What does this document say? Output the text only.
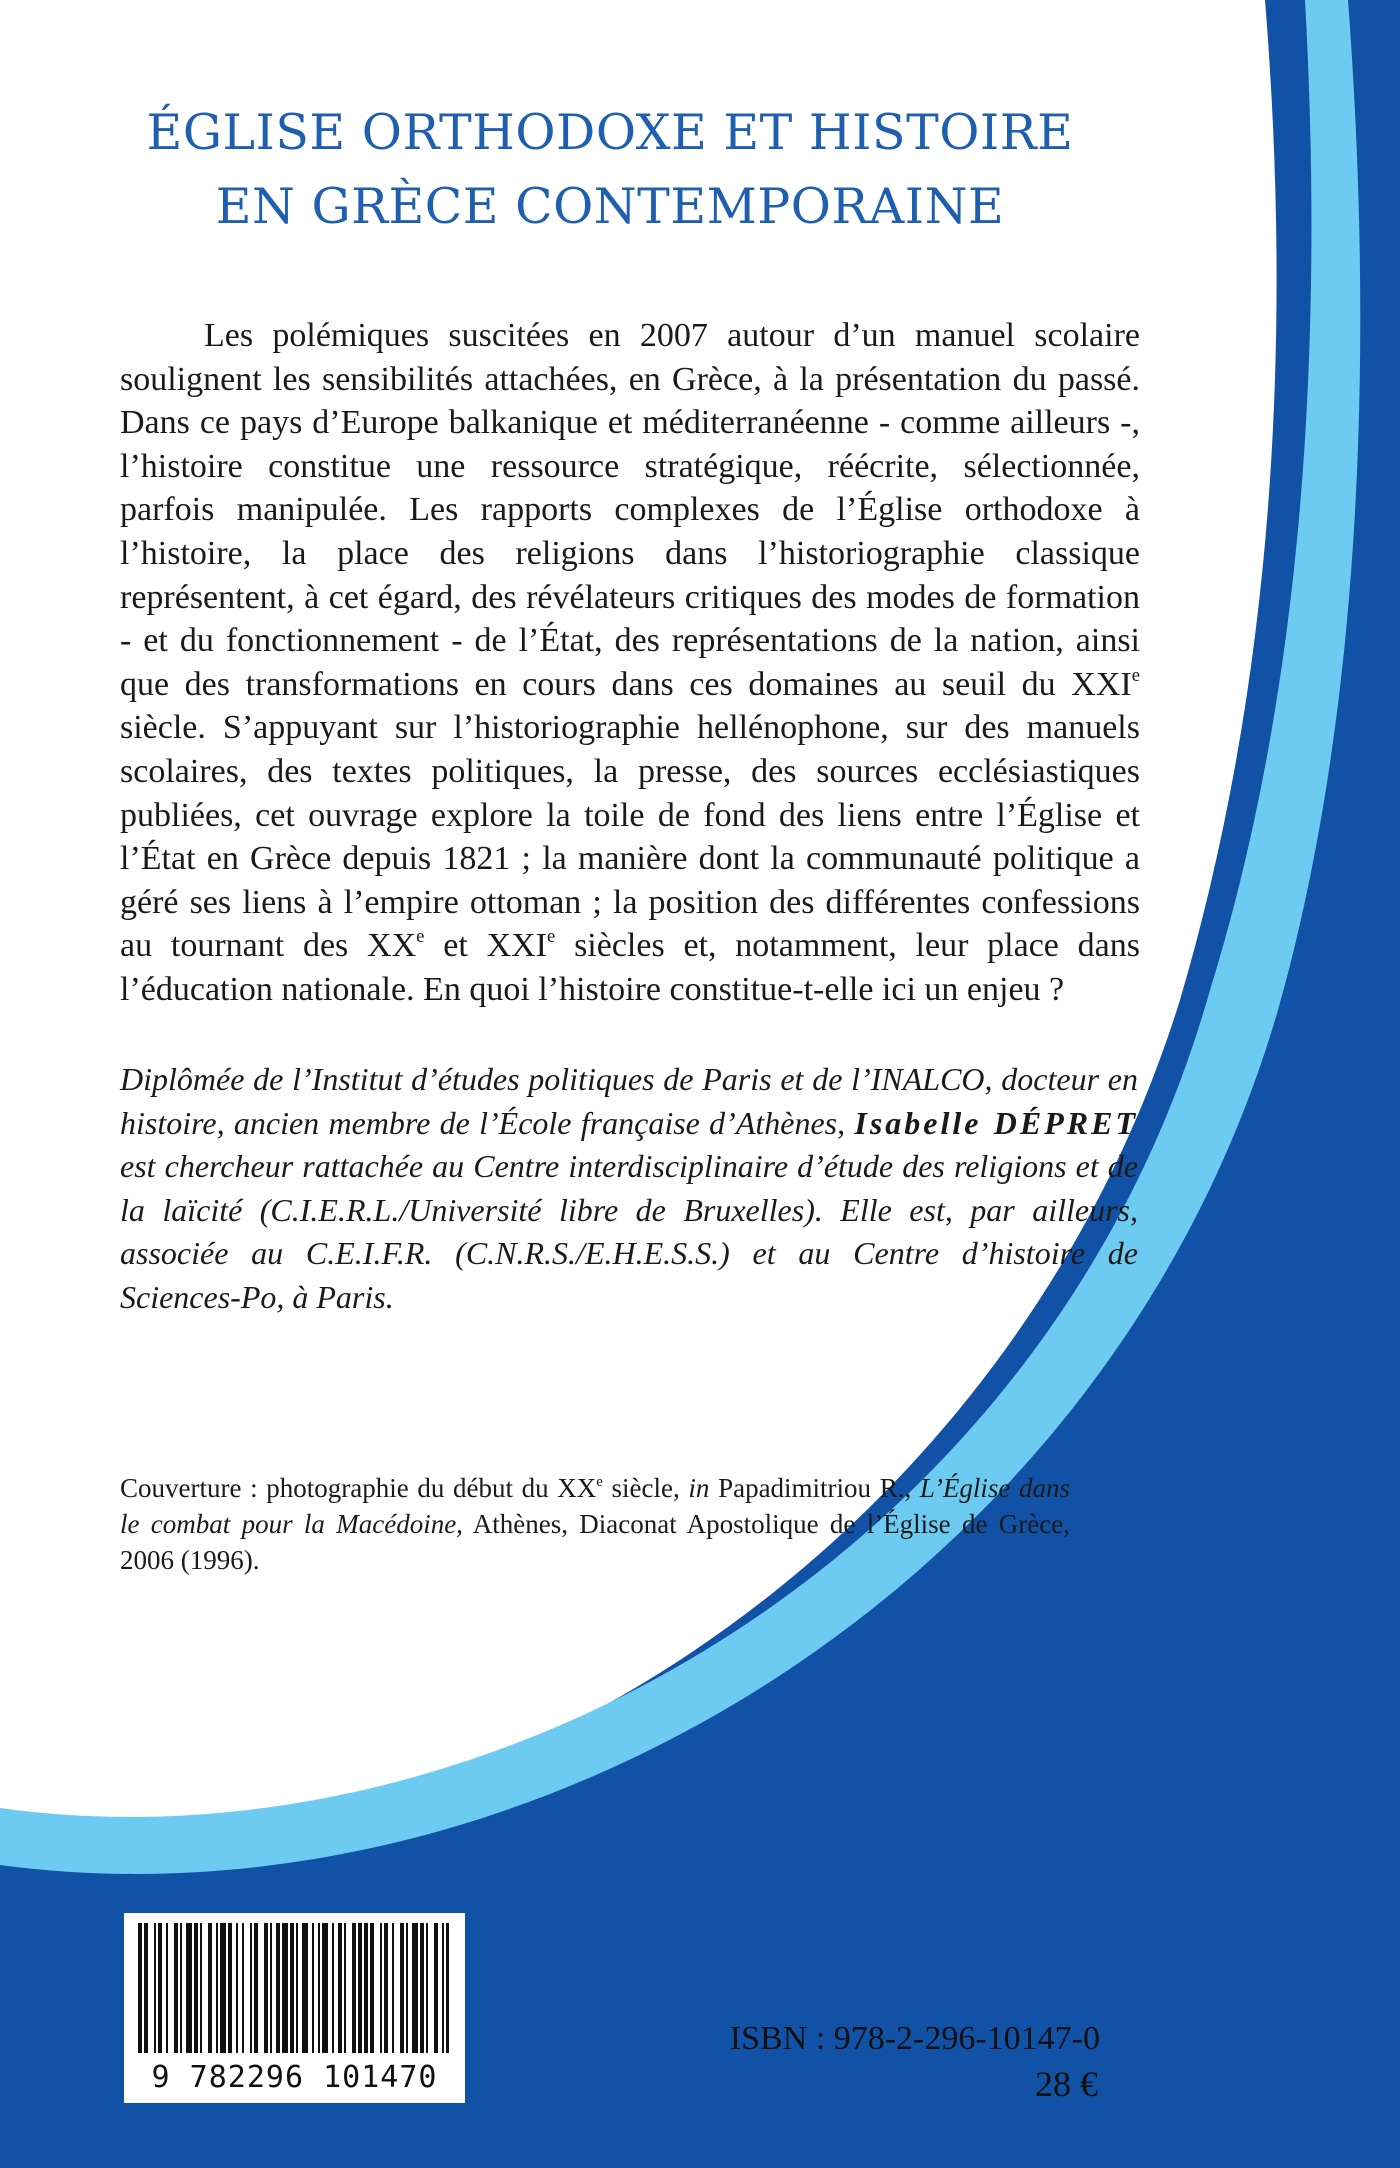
ÉGLISE ORTHODOXE ET HISTOIRE
EN GRÈCE CONTEMPORAINE

Les polémiques suscitées en 2007 autour d’un manuel scolaire soulignent les sensibilités attachées, en Grèce, à la présentation du passé. Dans ce pays d’Europe balkanique et méditerranéenne - comme ailleurs -, l’histoire constitue une ressource stratégique, réécrite, sélectionnée, parfois manipulée. Les rapports complexes de l’Église orthodoxe à l’histoire, la place des religions dans l’historiographie classique représentent, à cet égard, des révélateurs critiques des modes de formation - et du fonctionnement - de l’État, des représentations de la nation, ainsi que des transformations en cours dans ces domaines au seuil du XXIe siècle. S’appuyant sur l’historiographie hellénophone, sur des manuels scolaires, des textes politiques, la presse, des sources ecclésiastiques publiées, cet ouvrage explore la toile de fond des liens entre l’Église et l’État en Grèce depuis 1821 ; la manière dont la communauté politique a géré ses liens à l’empire ottoman ; la position des différentes confessions au tournant des XXe et XXIe siècles et, notamment, leur place dans l’éducation nationale. En quoi l’histoire constitue-t-elle ici un enjeu ?

Diplômée de l’Institut d’études politiques de Paris et de l’INALCO, docteur en histoire, ancien membre de l’École française d’Athènes, Isabelle DÉPRET est chercheur rattachée au Centre interdisciplinaire d’étude des religions et de la laïcité (C.I.E.R.L./Université libre de Bruxelles). Elle est, par ailleurs, associée au C.E.I.F.R. (C.N.R.S./E.H.E.S.S.) et au Centre d’histoire de Sciences-Po, à Paris.

Couverture : photographie du début du XXe siècle, in Papadimitriou R., L’Église dans le combat pour la Macédoine, Athènes, Diaconat Apostolique de l’Église de Grèce, 2006 (1996).

9 782296 101470
ISBN : 978-2-296-10147-0
28 €
